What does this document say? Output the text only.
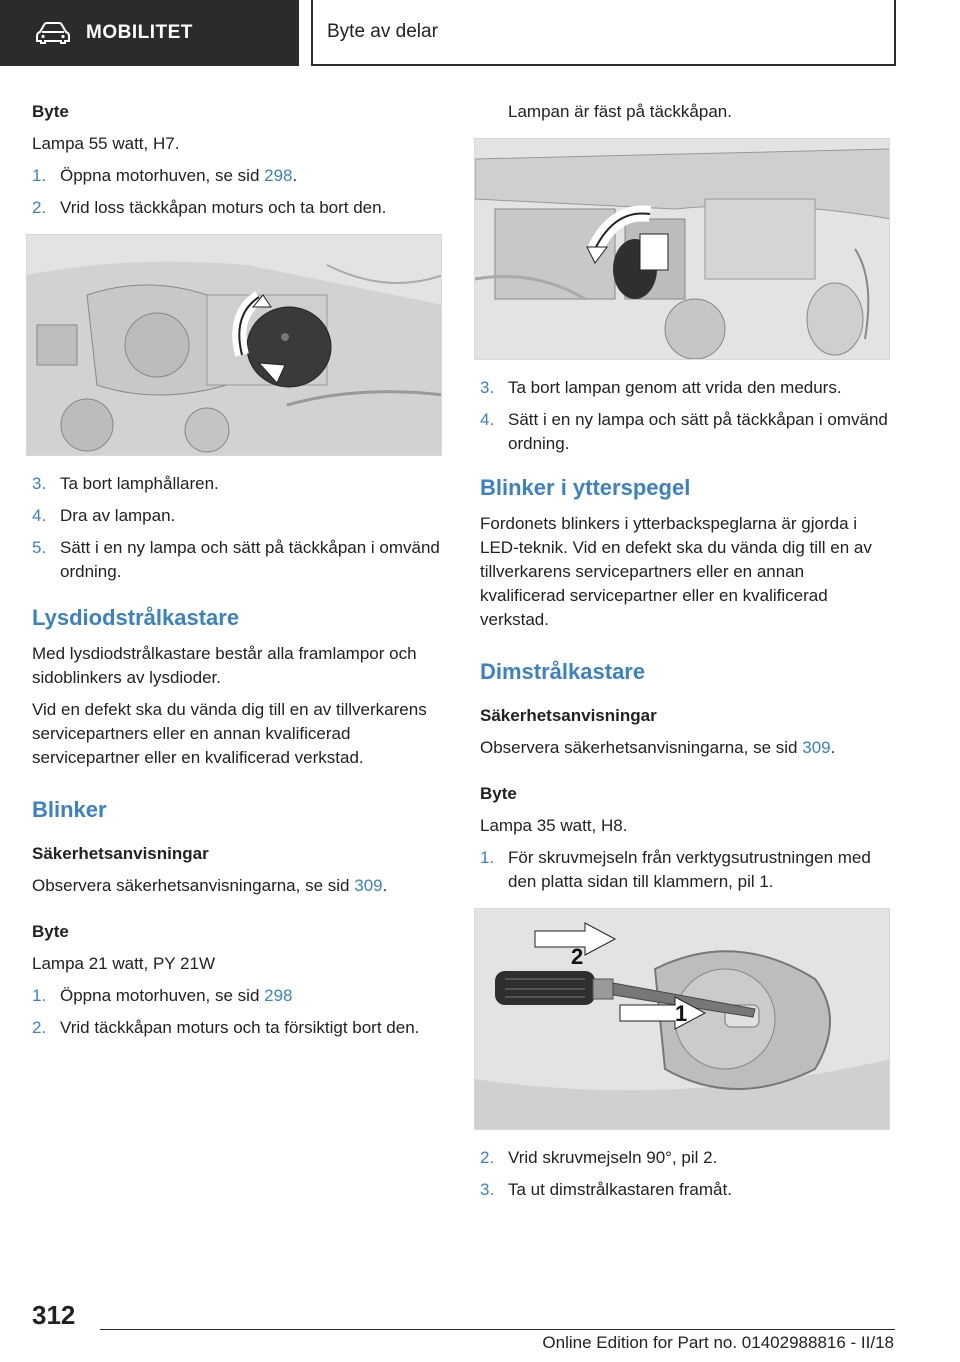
MOBILITET	Byte av delar
Byte
Lampa 55 watt, H7.
1. Öppna motorhuven, se sid 298.
2. Vrid loss täckkåpan moturs och ta bort den.
3. Ta bort lamphållaren.
4. Dra av lampan.
5. Sätt i en ny lampa och sätt på täckkåpan i omvänd ordning.
Lysdiodstrålkastare
Med lysdiodstrålkastare består alla framlampor och sidoblinkers av lysdioder.
Vid en defekt ska du vända dig till en av tillverkarens servicepartners eller en annan kvalificerad servicepartner eller en kvalificerad verkstad.
Blinker
Säkerhetsanvisningar
Observera säkerhetsanvisningarna, se sid 309.
Byte
Lampa 21 watt, PY 21W
1. Öppna motorhuven, se sid 298
2. Vrid täckkåpan moturs och ta försiktigt bort den.
Lampan är fäst på täckkåpan.
3. Ta bort lampan genom att vrida den medurs.
4. Sätt i en ny lampa och sätt på täckkåpan i omvänd ordning.
Blinker i ytterspegel
Fordonets blinkers i ytterbackspeglarna är gjorda i LED-teknik. Vid en defekt ska du vända dig till en av tillverkarens servicepartners eller en annan kvalificerad servicepartner eller en kvalificerad verkstad.
Dimstrålkastare
Säkerhetsanvisningar
Observera säkerhetsanvisningarna, se sid 309.
Byte
Lampa 35 watt, H8.
1. För skruvmejseln från verktygsutrustningen med den platta sidan till klammern, pil 1.
2
1
2. Vrid skruvmejseln 90°, pil 2.
3. Ta ut dimstrålkastaren framåt.
312
Online Edition for Part no. 01402988816 - II/18
